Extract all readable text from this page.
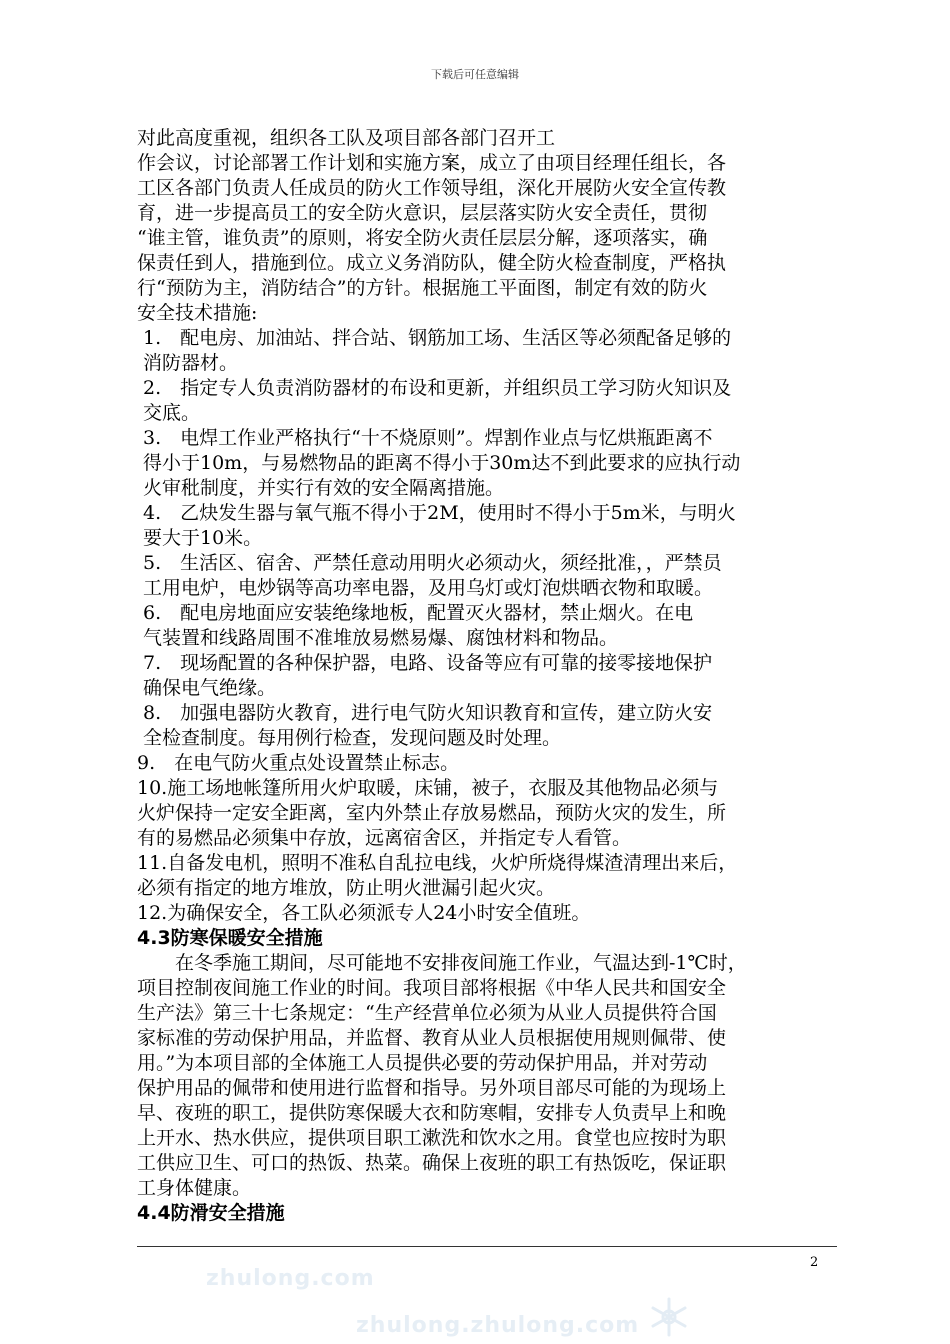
下载后可任意编辑

对此高度重视，组织各工队及项目部各部门召开工

作会议，讨论部署工作计划和实施方案，成立了由项目经理任组长，各

工区各部门负责人任成员的防火工作领导组，深化开展防火安全宣传教

育，进一步提高员工的安全防火意识，层层落实防火安全责任，贯彻

“谁主管，谁负责”的原则，将安全防火责任层层分解，逐项落实，确

保责任到人，措施到位。成立义务消防队，健全防火检查制度，严格执

行“预防为主，消防结合”的方针。根据施工平面图，制定有效的防火

安全技术措施:

1.　配电房、加油站、拌合站、钢筋加工场、生活区等必须配备足够的

消防器材。

2.　指定专人负责消防器材的布设和更新，并组织员工学习防火知识及

交底。

3.　电焊工作业严格执行“十不烧原则”。焊割作业点与忆烘瓶距离不

得小于10m，与易燃物品的距离不得小于30m达不到此要求的应执行动

火审秕制度，并实行有效的安全隔离措施。

4.　乙炔发生器与氧气瓶不得小于2M，使用时不得小于5m米，与明火

要大于10米。

5.　生活区、宿舍、严禁任意动用明火必须动火，须经批准，，严禁员

工用电炉，电炒锅等高功率电器，及用乌灯或灯泡烘晒衣物和取暖。

6.　配电房地面应安装绝缘地板，配置灭火器材，禁止烟火。在电

气装置和线路周围不准堆放易燃易爆、腐蚀材料和物品。

7.　现场配置的各种保护器，电路、设备等应有可靠的接零接地保护

确保电气绝缘。

8.　加强电器防火教育，进行电气防火知识教育和宣传，建立防火安

全检查制度。每用例行检查，发现问题及时处理。

9.　在电气防火重点处设置禁止标志。

10.施工场地帐篷所用火炉取暖，床铺，被子，衣服及其他物品必须与

火炉保持一定安全距离，室内外禁止存放易燃品，预防火灾的发生，所

有的易燃品必须集中存放，远离宿舍区，并指定专人看管。

11.自备发电机，照明不准私自乱拉电线，火炉所烧得煤渣清理出来后，

必须有指定的地方堆放，防止明火泄漏引起火灾。

12.为确保安全，各工队必须派专人24小时安全值班。

4.3防寒保暖安全措施

在冬季施工期间，尽可能地不安排夜间施工作业，气温达到-1℃时，

项目控制夜间施工作业的时间。我项目部将根据《中华人民共和国安全

生产法》第三十七条规定：“生产经营单位必须为从业人员提供符合国

家标准的劳动保护用品，并监督、教育从业人员根据使用规则佩带、使

用。”为本项目部的全体施工人员提供必要的劳动保护用品，并对劳动

保护用品的佩带和使用进行监督和指导。另外项目部尽可能的为现场上

早、夜班的职工，提供防寒保暖大衣和防寒帽，安排专人负责早上和晚

上开水、热水供应，提供项目职工漱洗和饮水之用。食堂也应按时为职

工供应卫生、可口的热饭、热菜。确保上夜班的职工有热饭吃，保证职

工身体健康。

4.4防滑安全措施

2
zhulong.com
zhulong.zhulong.com
